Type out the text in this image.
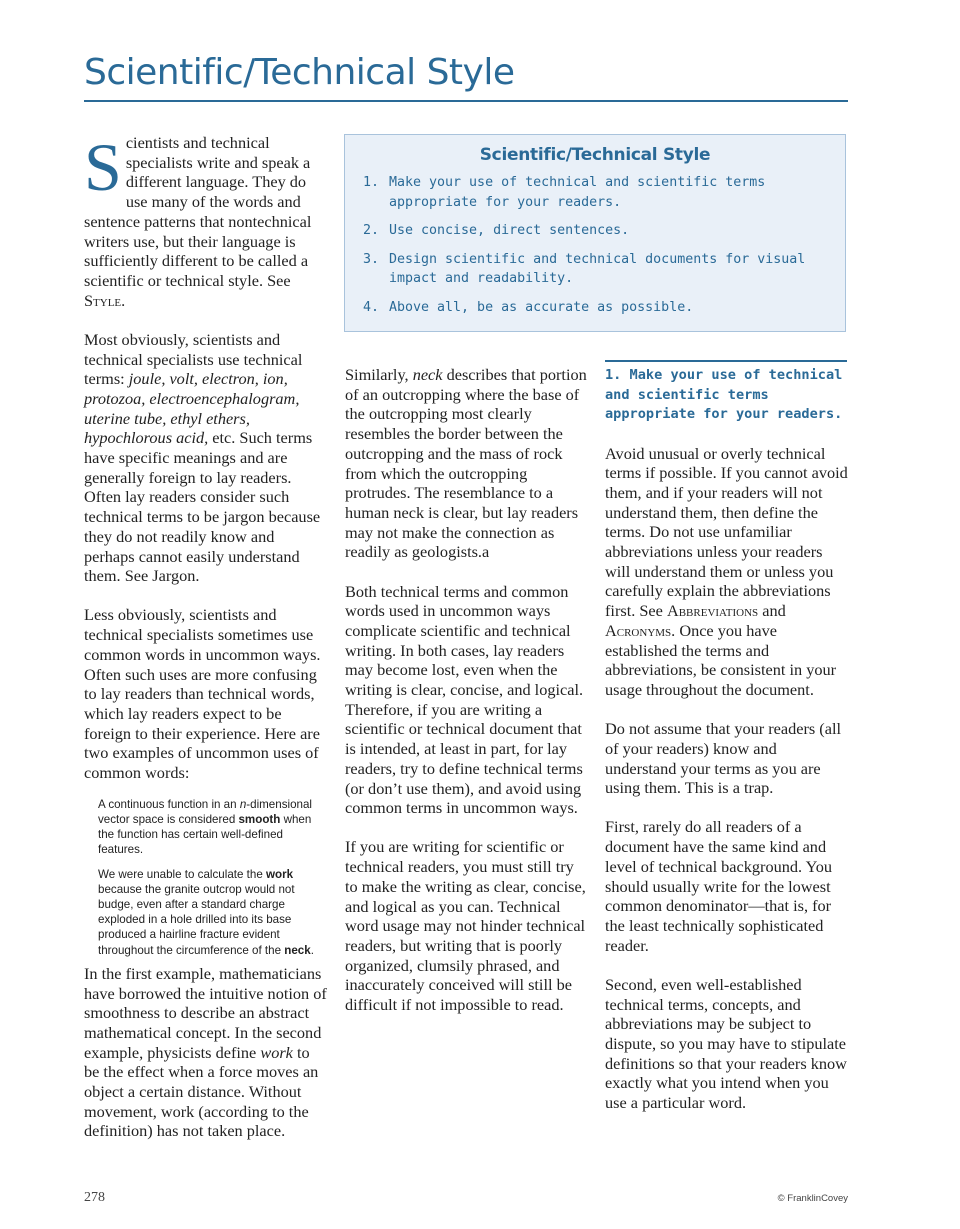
Scientific/Technical Style

Scientists and technical specialists write and speak a different language. They do use many of the words and sentence patterns that nontechnical writers use, but their language is sufficiently different to be called a scientific or technical style. See Style.

Most obviously, scientists and technical specialists use technical terms: joule, volt, electron, ion, protozoa, electroencephalogram, uterine tube, ethyl ethers, hypochlorous acid, etc. Such terms have specific meanings and are generally foreign to lay readers. Often lay readers consider such technical terms to be jargon because they do not readily know and perhaps cannot easily understand them. See Jargon.

Less obviously, scientists and technical specialists sometimes use common words in uncommon ways. Often such uses are more confusing to lay readers than technical words, which lay readers expect to be foreign to their experience. Here are two examples of uncommon uses of common words:

A continuous function in an n-dimensional vector space is considered smooth when the function has certain well-defined features.

We were unable to calculate the work because the granite outcrop would not budge, even after a standard charge exploded in a hole drilled into its base produced a hairline fracture evident throughout the circumference of the neck.

In the first example, mathematicians have borrowed the intuitive notion of smoothness to describe an abstract mathematical concept. In the second example, physicists define work to be the effect when a force moves an object a certain distance. Without movement, work (according to the definition) has not taken place.

Scientific/Technical Style
1. Make your use of technical and scientific terms appropriate for your readers.
2. Use concise, direct sentences.
3. Design scientific and technical documents for visual impact and readability.
4. Above all, be as accurate as possible.

Similarly, neck describes that portion of an outcropping where the base of the outcropping most clearly resembles the border between the outcropping and the mass of rock from which the outcropping protrudes. The resemblance to a human neck is clear, but lay readers may not make the connection as readily as geologists.a

Both technical terms and common words used in uncommon ways complicate scientific and technical writing. In both cases, lay readers may become lost, even when the writing is clear, concise, and logical. Therefore, if you are writing a scientific or technical document that is intended, at least in part, for lay readers, try to define technical terms (or don’t use them), and avoid using common terms in uncommon ways.

If you are writing for scientific or technical readers, you must still try to make the writing as clear, concise, and logical as you can. Technical word usage may not hinder technical readers, but writing that is poorly organized, clumsily phrased, and inaccurately conceived will still be difficult if not impossible to read.

1. Make your use of technical and scientific terms appropriate for your readers.

Avoid unusual or overly technical terms if possible. If you cannot avoid them, and if your readers will not understand them, then define the terms. Do not use unfamiliar abbreviations unless your readers will understand them or unless you carefully explain the abbreviations first. See Abbreviations and Acronyms. Once you have established the terms and abbreviations, be consistent in your usage throughout the document.

Do not assume that your readers (all of your readers) know and understand your terms as you are using them. This is a trap.

First, rarely do all readers of a document have the same kind and level of technical background. You should usually write for the lowest common denominator—that is, for the least technically sophisticated reader.

Second, even well-established technical terms, concepts, and abbreviations may be subject to dispute, so you may have to stipulate definitions so that your readers know exactly what you intend when you use a particular word.

278	© FranklinCovey
